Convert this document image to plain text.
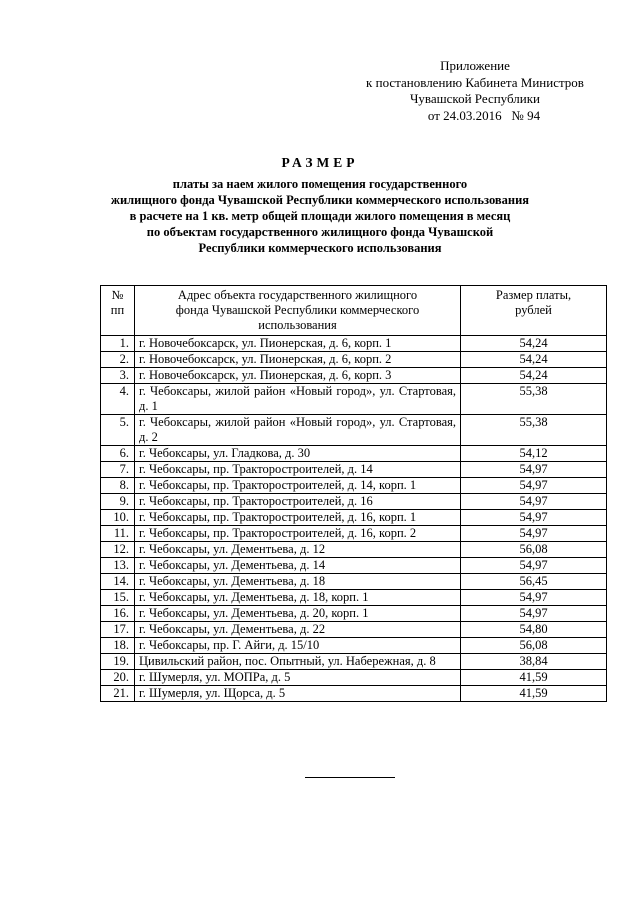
Приложение
к постановлению Кабинета Министров
Чувашской Республики
от 24.03.2016   № 94
РАЗМЕР
платы за наем жилого помещения государственного
жилищного фонда Чувашской Республики коммерческого использования
в расчете на 1 кв. метр общей площади жилого помещения в месяц
по объектам государственного жилищного фонда Чувашской
Республики коммерческого использования
№ пп	Адрес объекта государственного жилищного фонда Чувашской Республики коммерческого использования	Размер платы, рублей
1.	г. Новочебоксарск, ул. Пионерская, д. 6, корп. 1	54,24
2.	г. Новочебоксарск, ул. Пионерская, д. 6, корп. 2	54,24
3.	г. Новочебоксарск, ул. Пионерская, д. 6, корп. 3	54,24
4.	г. Чебоксары, жилой район «Новый город», ул. Стартовая, д. 1	55,38
5.	г. Чебоксары, жилой район «Новый город», ул. Стартовая, д. 2	55,38
6.	г. Чебоксары, ул. Гладкова, д. 30	54,12
7.	г. Чебоксары, пр. Тракторостроителей, д. 14	54,97
8.	г. Чебоксары, пр. Тракторостроителей, д. 14, корп. 1	54,97
9.	г. Чебоксары, пр. Тракторостроителей, д. 16	54,97
10.	г. Чебоксары, пр. Тракторостроителей, д. 16, корп. 1	54,97
11.	г. Чебоксары, пр. Тракторостроителей, д. 16, корп. 2	54,97
12.	г. Чебоксары, ул. Дементьева, д. 12	56,08
13.	г. Чебоксары, ул. Дементьева, д. 14	54,97
14.	г. Чебоксары, ул. Дементьева, д. 18	56,45
15.	г. Чебоксары, ул. Дементьева, д. 18, корп. 1	54,97
16.	г. Чебоксары, ул. Дементьева, д. 20, корп. 1	54,97
17.	г. Чебоксары, ул. Дементьева, д. 22	54,80
18.	г. Чебоксары, пр. Г. Айги, д. 15/10	56,08
19.	Цивильский район, пос. Опытный, ул. Набережная, д. 8	38,84
20.	г. Шумерля, ул. МОПРа, д. 5	41,59
21.	г. Шумерля, ул. Щорса, д. 5	41,59
